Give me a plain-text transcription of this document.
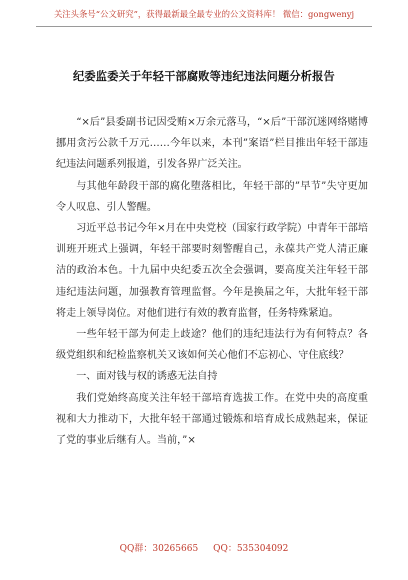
关注头条号“公文研究”，获得最新最全最专业的公文资料库！ 微信：gongwenyj
纪委监委关于年轻干部腐败等违纪违法问题分析报告

“×后”县委副书记因受贿×万余元落马，“×后”干部沉迷网络赌博挪用贪污公款千万元……今年以来，本刊”案语”栏目推出年轻干部违纪违法问题系列报道，引发各界广泛关注。

与其他年龄段干部的腐化堕落相比，年轻干部的”早节”失守更加令人叹息、引人警醒。

习近平总书记今年×月在中央党校（国家行政学院）中青年干部培训班开班式上强调，年轻干部要时刻警醒自己，永葆共产党人清正廉洁的政治本色。十九届中央纪委五次全会强调，要高度关注年轻干部违纪违法问题，加强教育管理监督。今年是换届之年，大批年轻干部将走上领导岗位。对他们进行有效的教育监督，任务特殊紧迫。

一些年轻干部为何走上歧途？他们的违纪违法行为有何特点？各级党组织和纪检监察机关又该如何关心他们不忘初心、守住底线？

一、面对钱与权的诱惑无法自持

我们党始终高度关注年轻干部培育选拔工作。在党中央的高度重视和大力推动下，大批年轻干部通过锻炼和培育成长成熟起来，保证了党的事业后继有人。当前，”×

QQ群：30265665 QQ：535304092
